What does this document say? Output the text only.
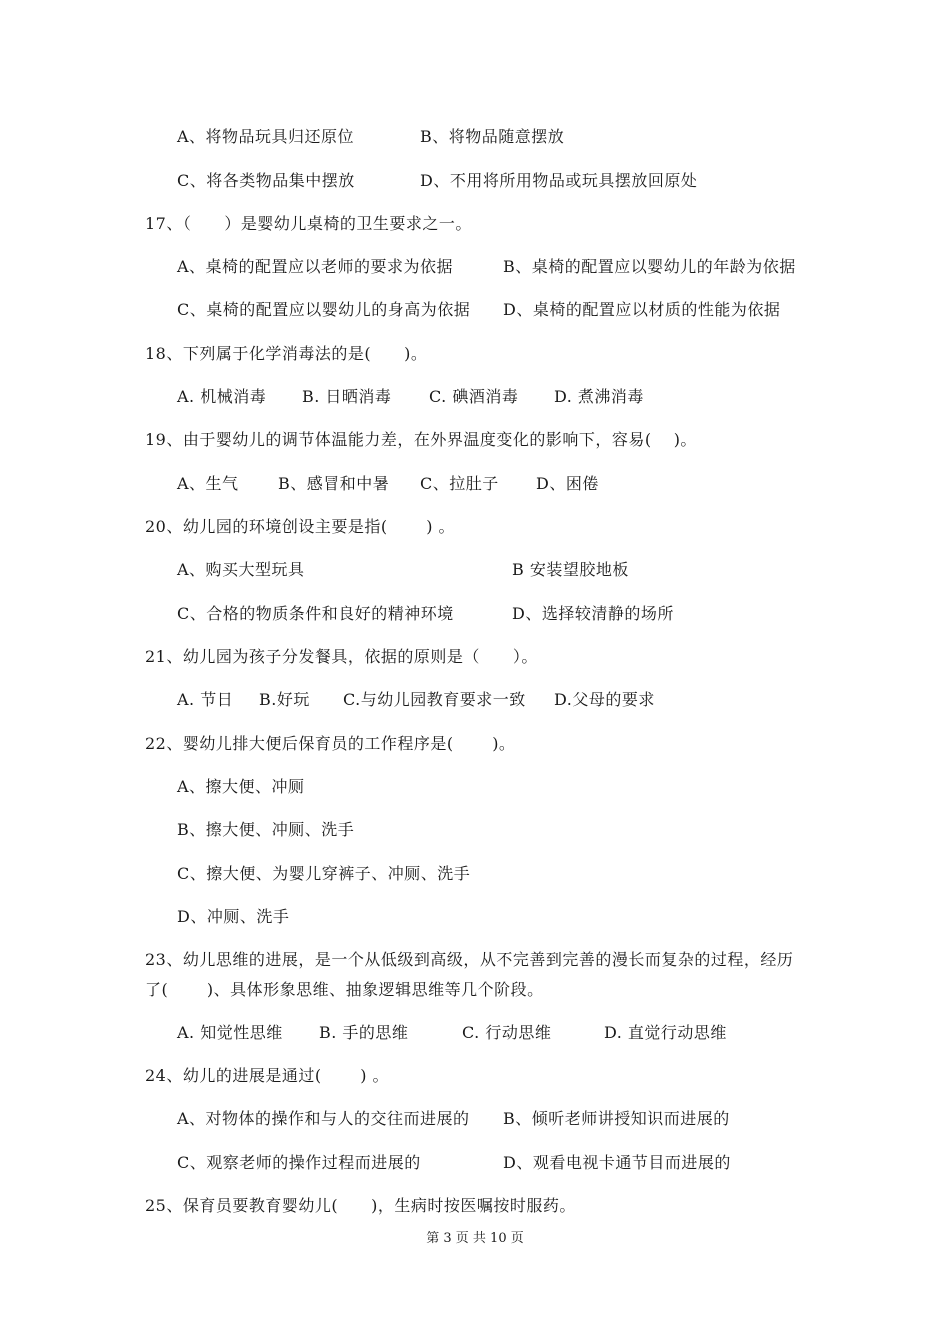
A、将物品玩具归还原位	B、将物品随意摆放
C、将各类物品集中摆放	D、不用将所用物品或玩具摆放回原处
17、（　　）是婴幼儿桌椅的卫生要求之一。
A、桌椅的配置应以老师的要求为依据	B、桌椅的配置应以婴幼儿的年龄为依据
C、桌椅的配置应以婴幼儿的身高为依据 D、桌椅的配置应以材质的性能为依据
18、下列属于化学消毒法的是(　　)。
A. 机械消毒 B. 日晒消毒 C. 碘酒消毒 D. 煮沸消毒
19、由于婴幼儿的调节体温能力差，在外界温度变化的影响下，容易(　 )。
A、生气 B、感冒和中暑 C、拉肚子 D、困倦
20、幼儿园的环境创设主要是指(　　 ) 。
A、购买大型玩具	B 安装望胶地板
C、合格的物质条件和良好的精神环境	D、选择较清静的场所
21、幼儿园为孩子分发餐具，依据的原则是（　　）。
A. 节日 B.好玩 C.与幼儿园教育要求一致 D.父母的要求
22、婴幼儿排大便后保育员的工作程序是(　　 )。
A、擦大便、冲厕
B、擦大便、冲厕、洗手
C、擦大便、为婴儿穿裤子、冲厕、洗手
D、冲厕、洗手
23、幼儿思维的进展，是一个从低级到高级，从不完善到完善的漫长而复杂的过程，经历
了(　　 )、具体形象思维、抽象逻辑思维等几个阶段。
A. 知觉性思维 B. 手的思维	C. 行动思维	D. 直觉行动思维
24、幼儿的进展是通过(　　 ) 。
A、对物体的操作和与人的交往而进展的 B、倾听老师讲授知识而进展的
C、观察老师的操作过程而进展的	D、观看电视卡通节目而进展的
25、保育员要教育婴幼儿(　　)，生病时按医嘱按时服药。
第 3 页 共 10 页
